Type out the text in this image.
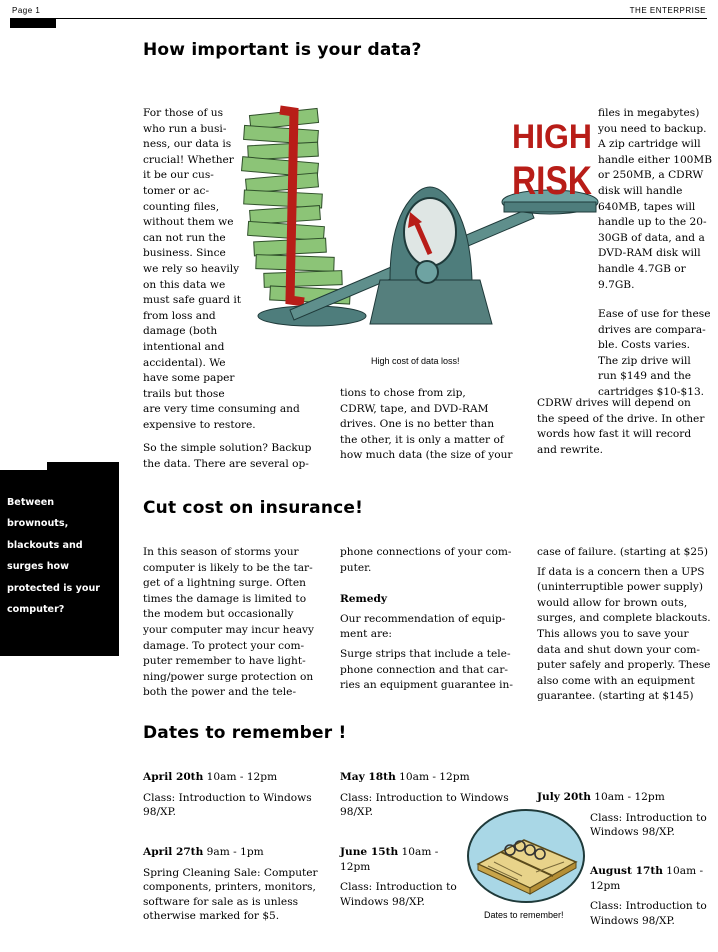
Page 1	THE ENTERPRISE
How important is your data?
For those of us
who run a busi-
ness, our data is
crucial! Whether
it be our cus-
tomer or ac-
counting files,
without them we
can not run the
business. Since
we rely so heavily
on this data we
must safe guard it
from loss and
damage (both
intentional and
accidental). We
have some paper
trails but those
are very time consuming and
expensive to restore.
So the simple solution? Backup
the data. There are several op-
HIGH
RISK
High cost of data loss!
tions to chose from zip,
CDRW, tape, and DVD-RAM
drives. One is no better than
the other, it is only a matter of
how much data (the size of your
files in megabytes)
you need to backup.
A zip cartridge will
handle either 100MB
or 250MB, a CDRW
disk will handle
640MB, tapes will
handle up to the 20-
30GB of data, and a
DVD-RAM disk will
handle 4.7GB or
9.7GB.
Ease of use for these
drives are compara-
ble. Costs varies.
The zip drive will
run $149 and the
cartridges $10-$13.
CDRW drives will depend on
the speed of the drive. In other
words how fast it will record
and rewrite.
Between brownouts,
blackouts and
surges how
protected is your
computer?
Cut cost on insurance!
In this season of storms your
computer is likely to be the tar-
get of a lightning surge. Often
times the damage is limited to
the modem but occasionally
your computer may incur heavy
damage. To protect your com-
puter remember to have light-
ning/power surge protection on
both the power and the tele-
phone connections of your com-
puter.
Remedy
Our recommendation of equip-
ment are:
Surge strips that include a tele-
phone connection and that car-
ries an equipment guarantee in-
case of failure. (starting at $25)
If data is a concern then a UPS
(uninterruptible power supply)
would allow for brown outs,
surges, and complete blackouts.
This allows you to save your
data and shut down your com-
puter safely and properly. These
also come with an equipment
guarantee. (starting at $145)
Dates to remember !

April 20th 10am - 12pm

Class: Introduction to Windows 98/XP.

April 27th 9am - 1pm

Spring Cleaning Sale: Computer components, printers, monitors, software for sale as is unless otherwise marked for $5.

May 18th 10am - 12pm

Class: Introduction to Windows 98/XP.

June 15th 10am - 12pm

Class: Introduction to Windows 98/XP.

July 20th 10am - 12pm

Class: Introduction to Windows 98/XP.

August 17th 10am - 12pm

Class: Introduction to Windows 98/XP.

Dates to remember!
